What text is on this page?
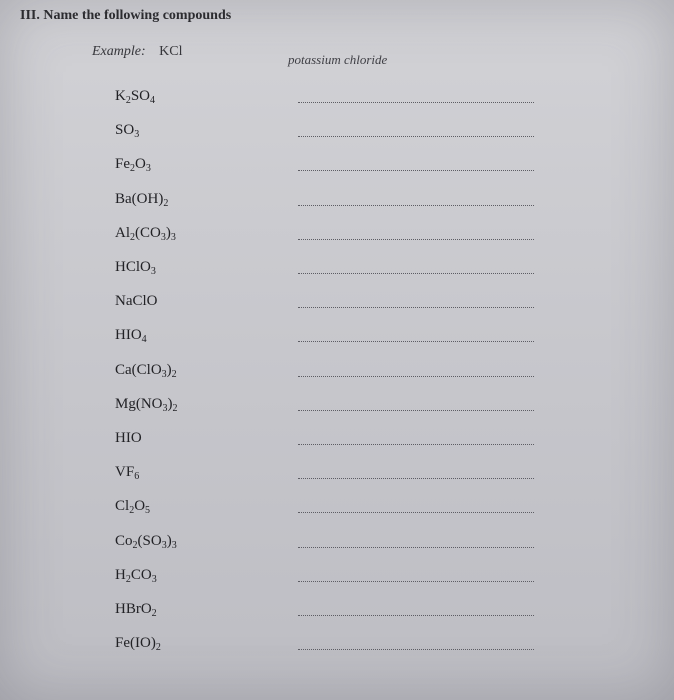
III. Name the following compounds
Example: KCl
potassium chloride
$K_2SO_4$
$SO_3$
$Fe_2O_3$
$Ba(OH)_2$
$Al_2(CO_3)_3$
HClO$_3$
NaClO
$HIO_4$
$Ca(ClO_3)_2$
$Mg(NO_3)_2$
HIO
$VF_6$
$Cl_2O_5$
$Co_2(SO_3)_3$
$H_2CO_3$
HBrO$_2$
$Fe(IO)_2$
